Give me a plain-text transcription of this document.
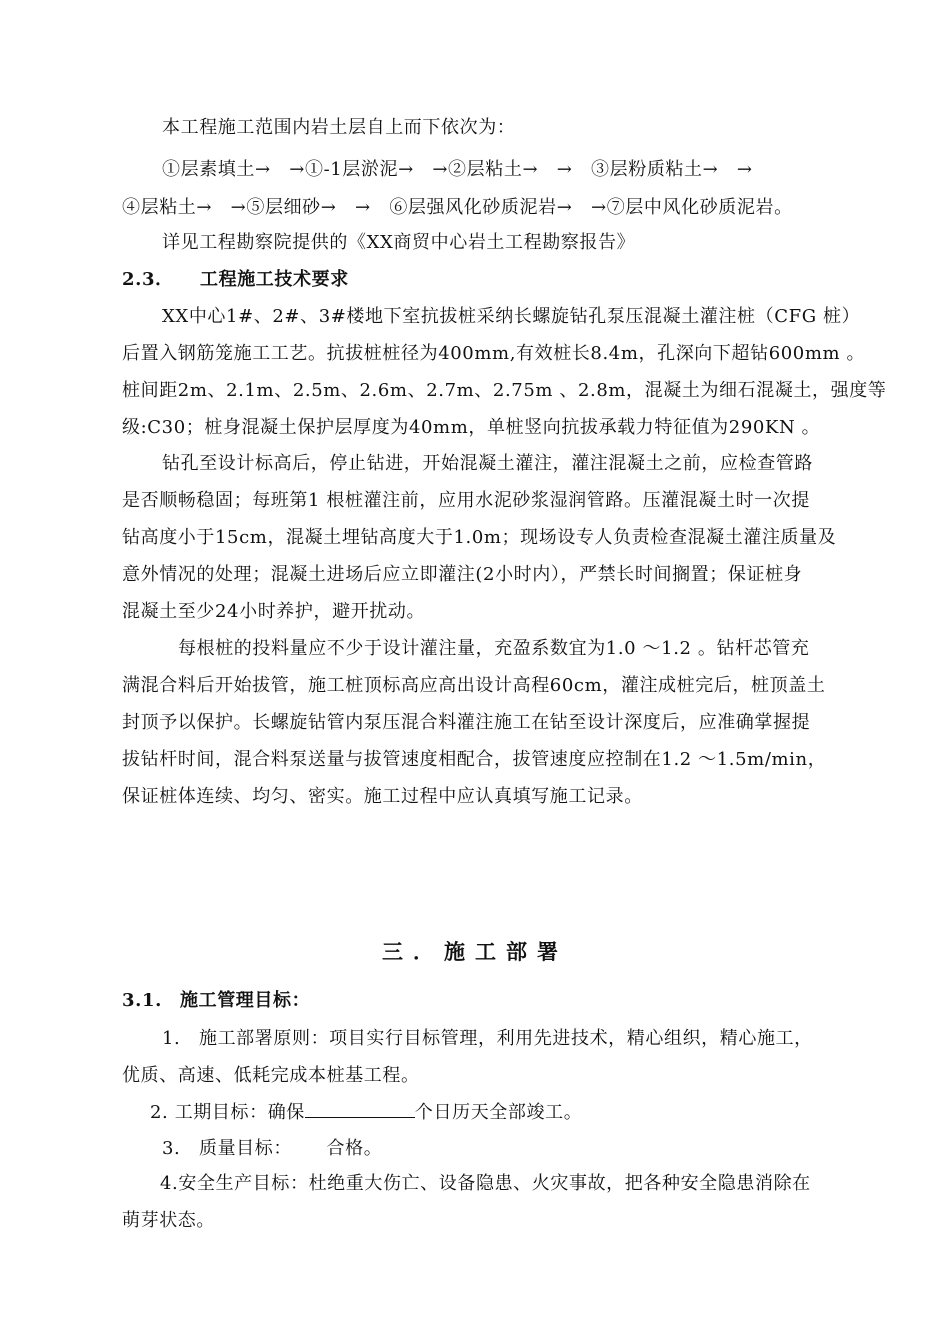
本工程施工范围内岩土层自上而下依次为：
①层素填土→　→①-1层淤泥→　→②层粘土→　→　③层粉质粘土→　→
④层粘土→　→⑤层细砂→　→　⑥层强风化砂质泥岩→　→⑦层中风化砂质泥岩。
详见工程勘察院提供的《XX商贸中心岩土工程勘察报告》
2.3． 工程施工技术要求
XX中心1#、2#、3#楼地下室抗拔桩采纳长螺旋钻孔泵压混凝土灌注桩（CFG 桩）
后置入钢筋笼施工工艺。抗拔桩桩径为400mm,有效桩长8.4m，孔深向下超钻600mm 。
桩间距2m、2.1m、2.5m、2.6m、2.7m、2.75m 、2.8m，混凝土为细石混凝土，强度等
级:C30；桩身混凝土保护层厚度为40mm，单桩竖向抗拔承载力特征值为290KN 。
钻孔至设计标高后，停止钻进，开始混凝土灌注，灌注混凝土之前，应检查管路
是否顺畅稳固；每班第1 根桩灌注前，应用水泥砂浆湿润管路。压灌混凝土时一次提
钻高度小于15cm，混凝土埋钻高度大于1.0m；现场设专人负责检查混凝土灌注质量及
意外情况的处理；混凝土进场后应立即灌注(2小时内），严禁长时间搁置；保证桩身
混凝土至少24小时养护，避开扰动。
每根桩的投料量应不少于设计灌注量，充盈系数宜为1.0 ～1.2 。钻杆芯管充
满混合料后开始拔管，施工桩顶标高应高出设计高程60cm，灌注成桩完后，桩顶盖土
封顶予以保护。长螺旋钻管内泵压混合料灌注施工在钻至设计深度后，应准确掌握提
拔钻杆时间，混合料泵送量与拔管速度相配合，拔管速度应控制在1.2 ～1.5m/min，
保证桩体连续、均匀、密实。施工过程中应认真填写施工记录。
三．施工部署
3.1. 施工管理目标：
1.　施工部署原则：项目实行目标管理，利用先进技术，精心组织，精心施工，
优质、高速、低耗完成本桩基工程。
2. 工期目标：确保	个日历天全部竣工。
3.　质量目标：　　 合格。
4.安全生产目标：杜绝重大伤亡、设备隐患、火灾事故，把各种安全隐患消除在
萌芽状态。
